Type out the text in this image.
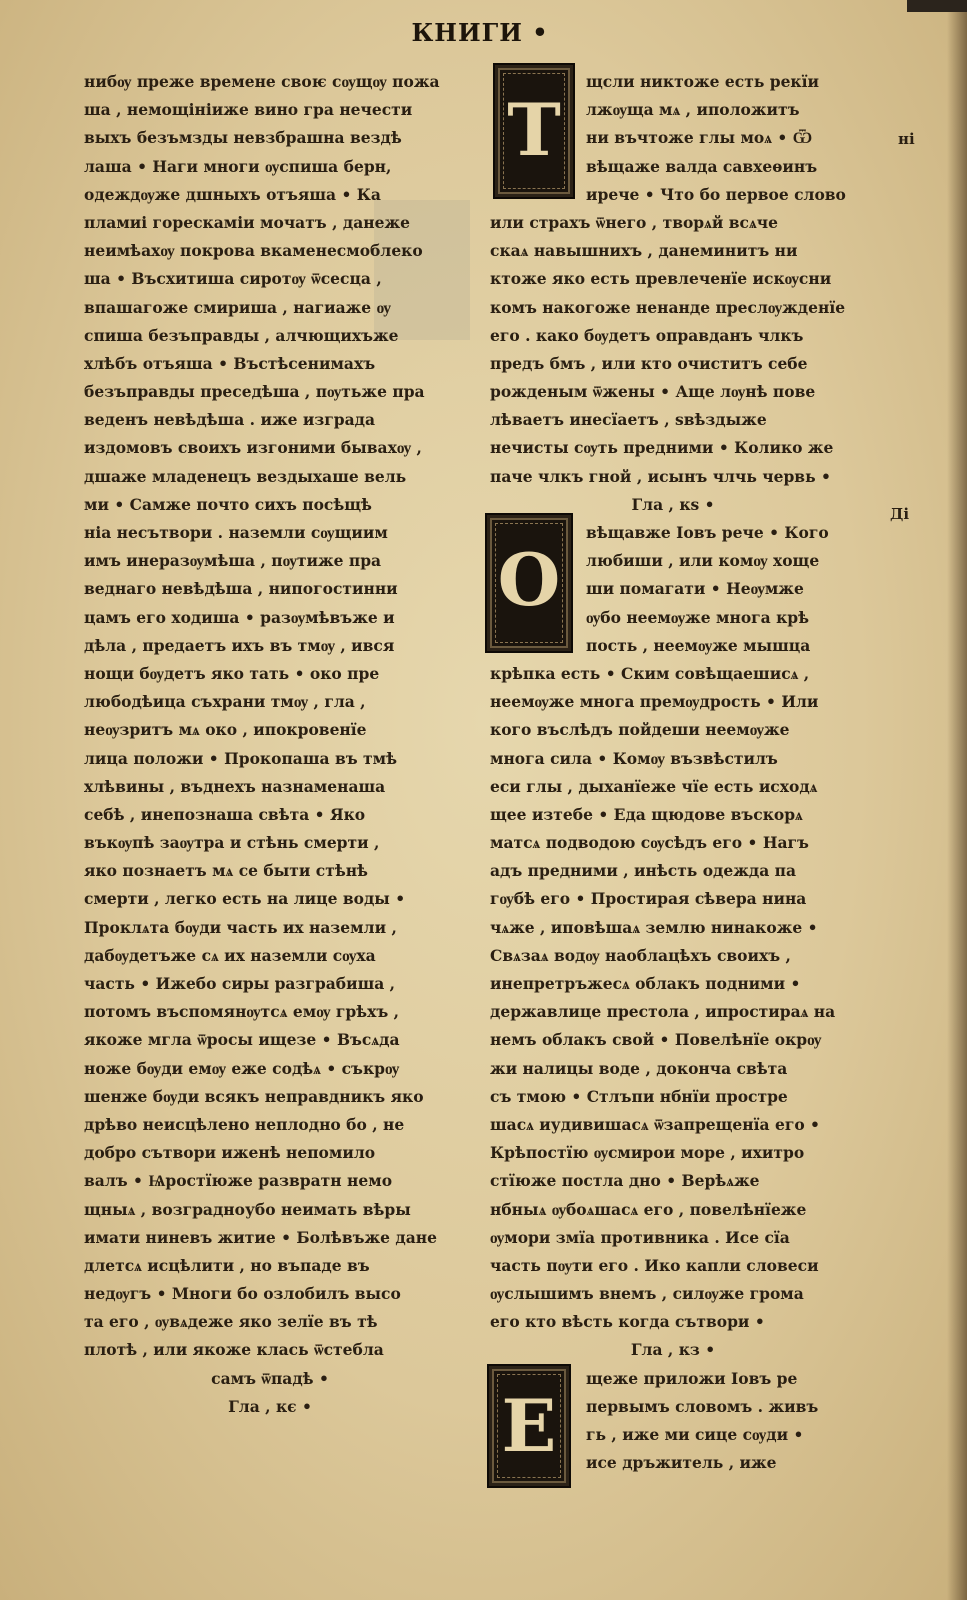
КНИГИ •
ні
Ді
нибѹ преже времене своѥ сѹщѹ пожа
ша , немощініиже вино гра нечести
выхъ безъмзды невзбрашна вездѣ
лаша • Наги многи ѹспиша берн,
одеждѹже дшныхъ отъяша • Ка
пламиі горескаміи мочатъ , данеже
неимѣахѹ покрова вкаменесмоблеко
ша • Въсхитиша сиротѹ ѿсесца ,
впашагоже смириша , нагиаже ѹ
спиша безъправды , алчющихъже
хлѣбъ отъяша • Въстѣсенимахъ
безъправды преседѣша , пѹтьже пра
веденъ невѣдѣша . иже изграда
издомовъ своихъ изгоними бывахѹ ,
дшаже младенецъ вездыхаше вель
ми • Самже почто сихъ посѣщѣ
ніа несътвори . наземли сѹщиим
имъ инеразѹмѣша , пѹтиже пра
веднаго невѣдѣша , нипогостинни
цамъ его ходиша • разѹмѣвъже и
дѣла , предаетъ ихъ въ тмѹ , ився
нощи бѹдетъ яко тать • око пре
любодѣица съхрани тмѹ , гла ,
неѹзритъ мѧ око , ипокровенїе
лица положи • Прокопаша въ тмѣ
хлѣвины , въднехъ назнаменаша
себѣ , инепознаша свѣта • Яко
въкѹпѣ заѹтра и стѣнь смерти ,
яко познаетъ мѧ се быти стѣнѣ
смерти , легко есть на лице воды •
Проклѧта бѹди часть их наземли ,
дабѹдетъже сѧ их наземли сѹха
часть • Ижебо сиры разграбиша ,
потомъ въспомянѹтсѧ емѹ грѣхъ ,
якоже мгла ѿросы ищезе • Въсѧда
ноже бѹди емѹ еже содѣѧ • съкрѹ
шенже бѹди всякъ неправдникъ яко
дрѣво неисцѣлено неплодно бо , не
добро сътвори иженѣ непомило
валъ • Ѩростїюже развратн немо
щныѧ , возградноубо неимать вѣры
имати ниневъ житие • Болѣвъже дане
длетсѧ исцѣлити , но въпаде въ
недѹгъ • Многи бо озлобилъ высо
та его , ѹвѧдеже яко зелїе въ тѣ
плотѣ , или якоже клась ѿстебла
самъ ѿпадѣ •
Гла , кє •
щсли никтоже есть рекїи
лжѹща мѧ , иположитъ
ни въчтоже глы моѧ • Ѿ
вѣщаже валда савхеѳинъ
ирече • Что бо первое слово
или страхъ ѿнего , творѧй всѧче
скаѧ навышнихъ , данеминитъ ни
ктоже яко есть превлеченїе искѹсни
комъ накогоже ненанде преслѹжденїе
его . како бѹдетъ оправданъ члкъ
предъ бмъ , или кто очиститъ себе
рожденым ѿжены • Аще лѹнѣ пове
лѣваетъ инесїаетъ , ѕвѣздыже
нечисты сѹть предними • Колико же
паче члкъ гной , исынъ члчь червь •
Гла , кѕ •
вѣщавже Іовъ рече • Кого
любиши , или комѹ хоще
ши помагати • Неѹмже
ѹбо неемѹже многа крѣ
пость , неемѹже мышца
крѣпка есть • Ским совѣщаешисѧ ,
неемѹже многа премѹдрость • Или
кого въслѣдъ пойдеши неемѹже
многа сила • Комѹ възвѣстилъ
еси глы , дыханїеже чїе есть исходѧ
щее изтебе • Еда щюдове въскорѧ
матсѧ подводою сѹсѣдъ его • Нагъ
адъ предними , инѣсть одежда па
гѹбѣ его • Простирая сѣвера нина
чѧже , иповѣшаѧ землю нинакоже •
Свѧзаѧ водѹ наоблацѣхъ своихъ ,
инепретръжесѧ облакъ подними •
державлице престола , ипростираѧ на
немъ облакъ свой • Повелѣнїе окрѹ
жи налицы воде , доконча свѣта
съ тмою • Стлъпи нбнїи простре
шасѧ иудивишасѧ ѿзапрещенїа его •
Крѣпостїю ѹсмирои море , ихитро
стїюже постла дно • Верѣѧже
нбныѧ ѹбоѧшасѧ его , повелѣнїеже
ѹмори змїа противника . Исе сїа
часть пѹти его . Ико капли словеси
ѹслышимъ внемъ , силѹже грома
его кто вѣсть когда сътвори •
Гла , кз •
щеже приложи Іовъ ре
первымъ словомъ . живъ
гь , иже ми сице сѹди •
исе дръжитель , иже
Т
О
Е
